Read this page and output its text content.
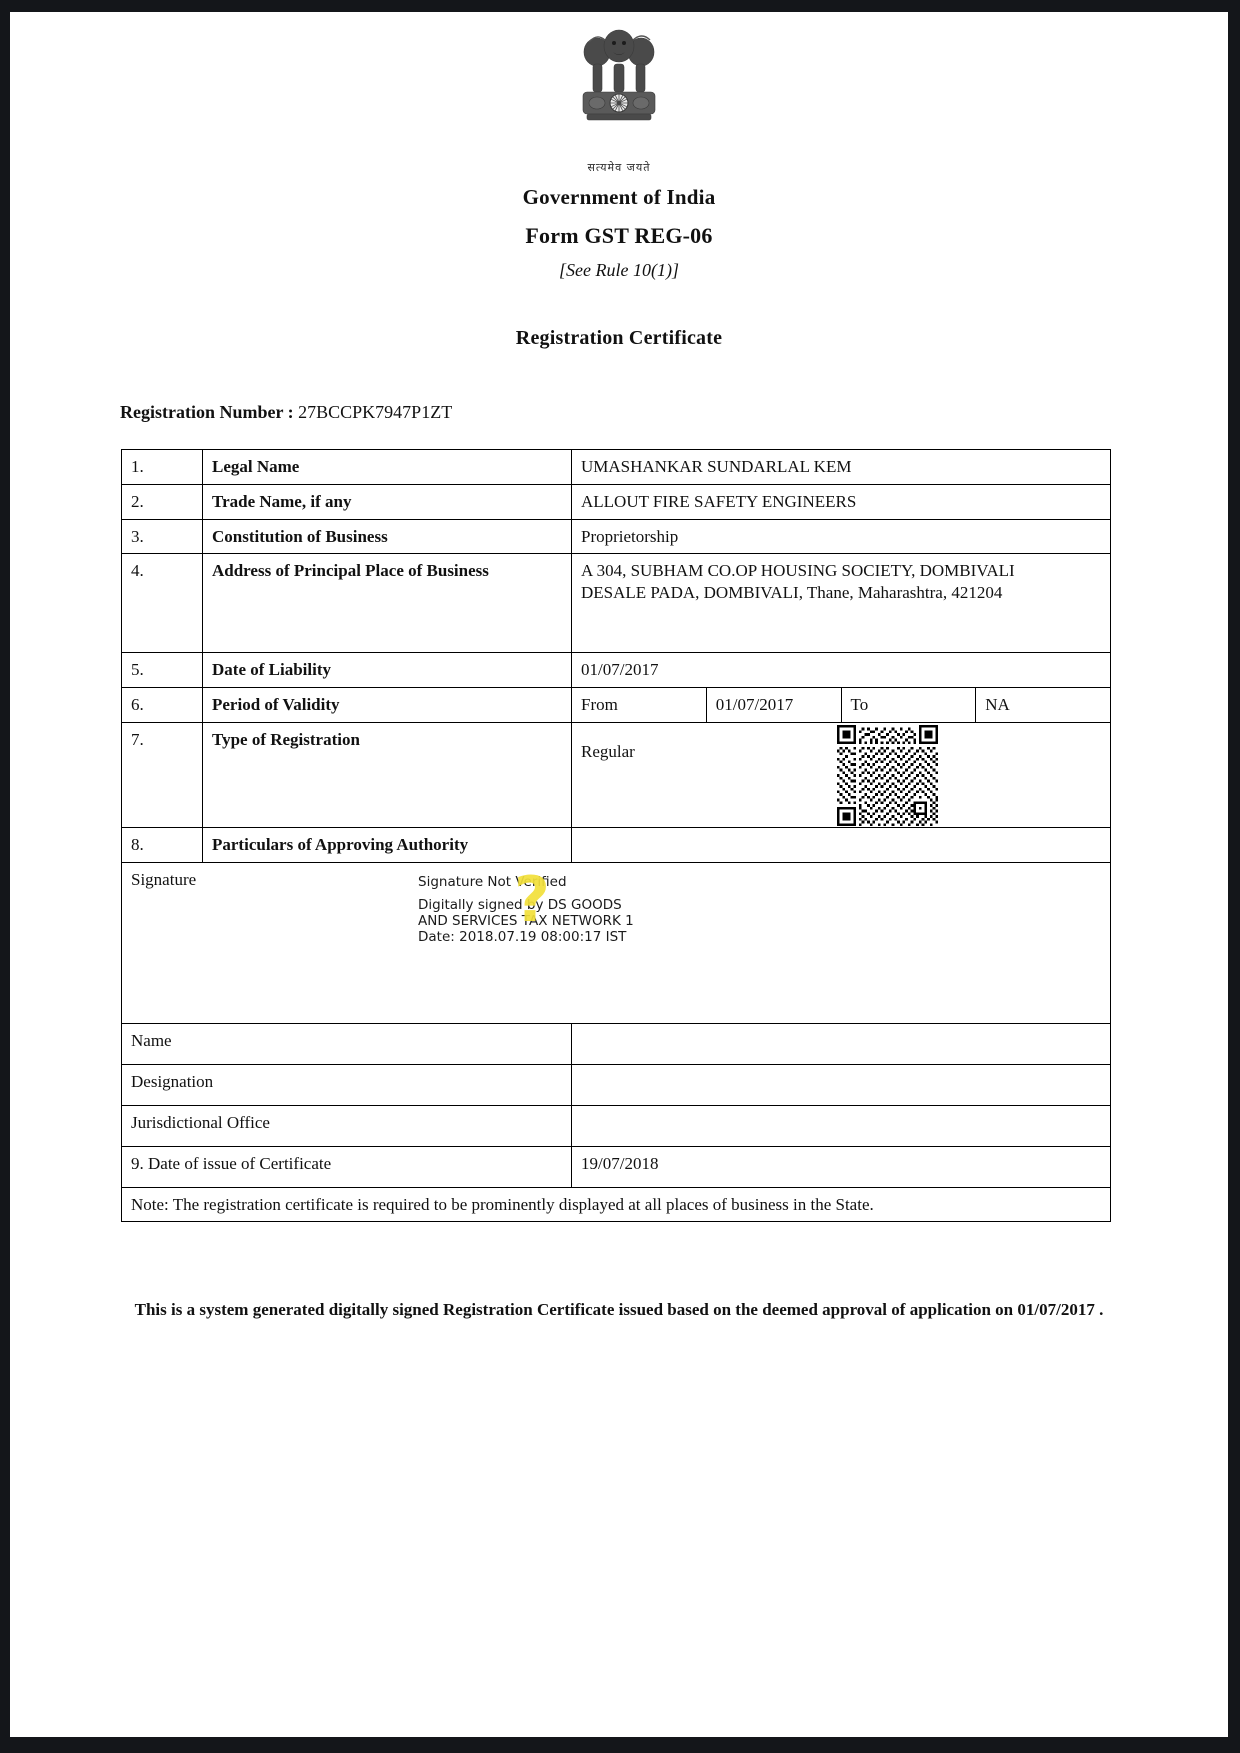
सत्यमेव जयते
Government of India
Form GST REG-06
[See Rule 10(1)]
Registration Certificate
Registration Number : 27BCCPK7947P1ZT
1.	Legal Name	UMASHANKAR SUNDARLAL KEM			
2.	Trade Name, if any	ALLOUT FIRE SAFETY ENGINEERS			
3.	Constitution of Business	Proprietorship			
4.	Address of Principal Place of Business	A 304, SUBHAM CO.OP HOUSING SOCIETY, DOMBIVALI
DESALE PADA, DOMBIVALI, Thane, Maharashtra, 421204			

5.	Date of Liability	01/07/2017			
6.	Period of Validity	From	01/07/2017	To	NA
7.	Type of Registration	Regular			

8.	Particulars of Approving Authority				

Signature	Signature Not Verified
Digitally signed by DS GOODS
AND SERVICES TAX NETWORK 1
Date: 2018.07.19 08:00:17 IST
?

Name					
Designation					
Jurisdictional Office					
9. Date of issue of Certificate		19/07/2018			
Note: The registration certificate is required to be prominently displayed at all places of business in the State.					
This is a system generated digitally signed Registration Certificate issued based on the deemed approval of application on 01/07/2017 .
